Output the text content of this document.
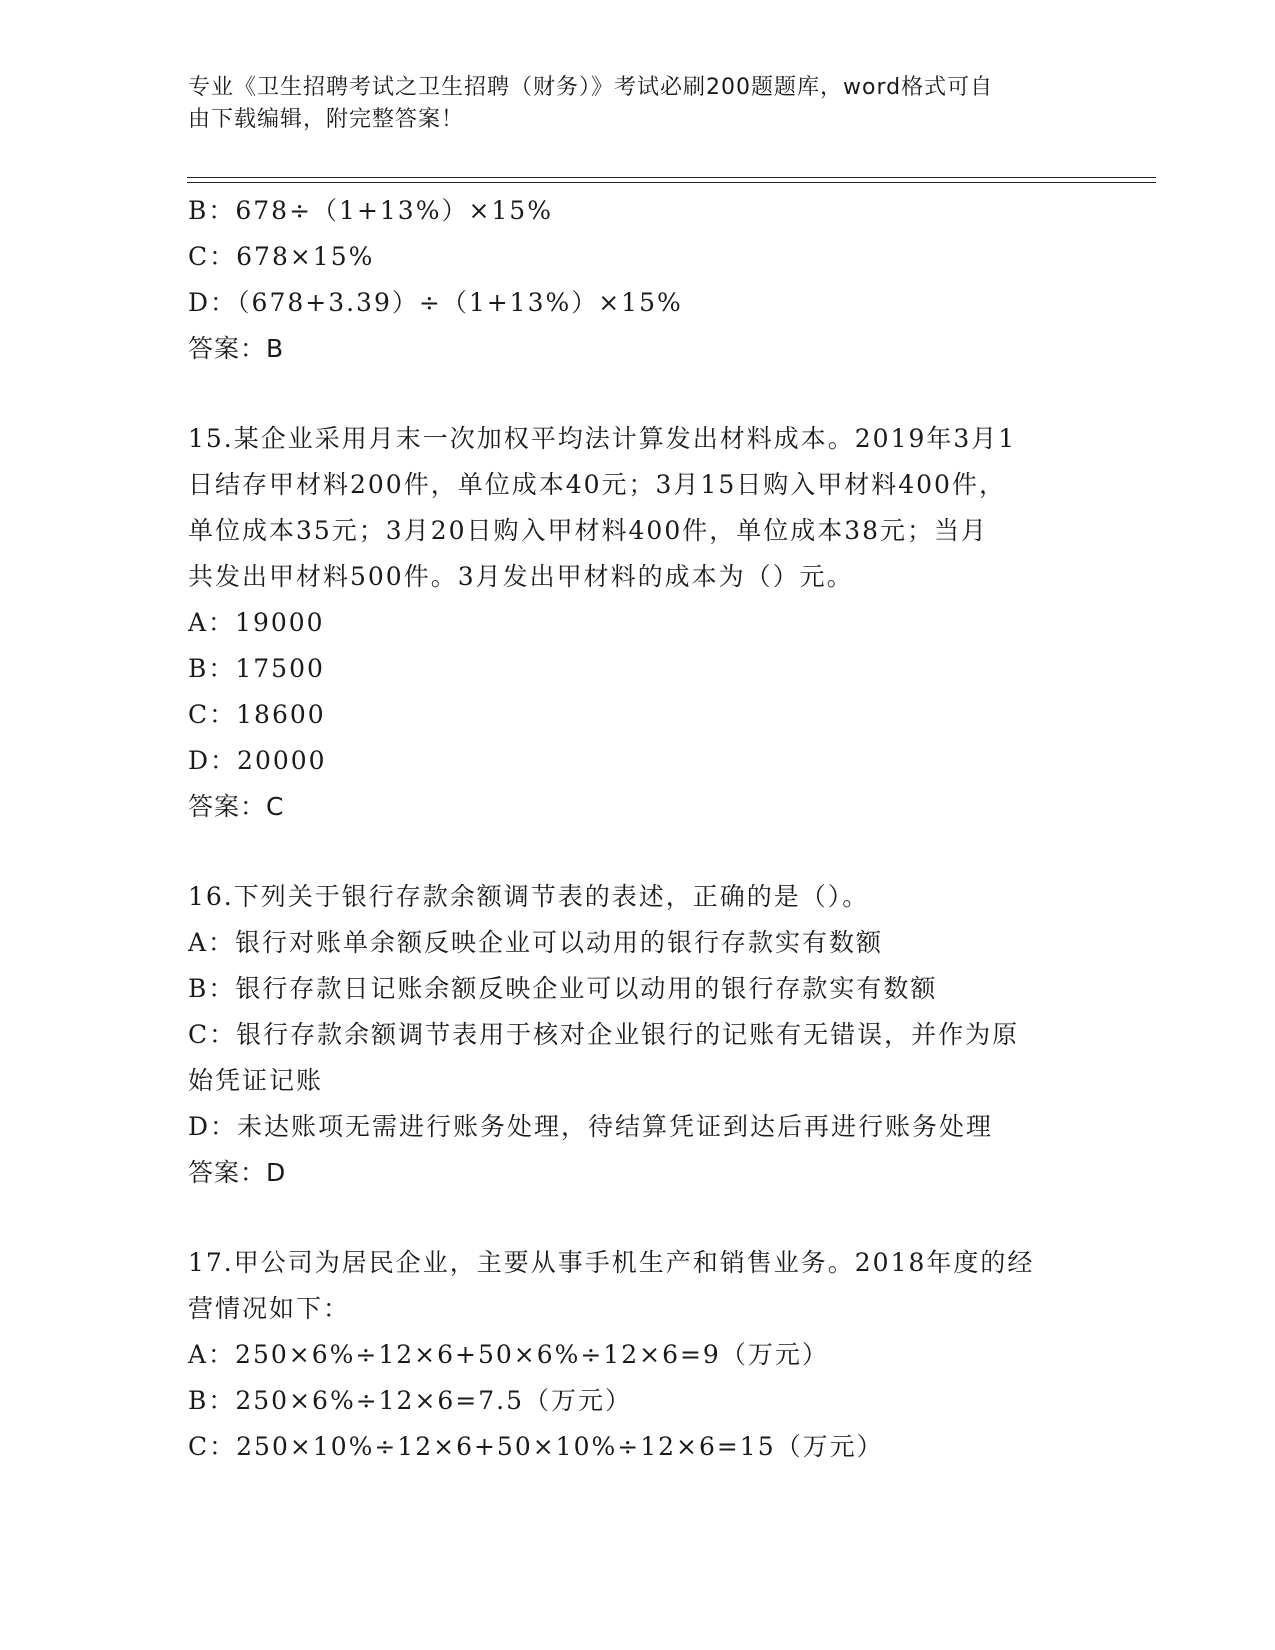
专业《卫生招聘考试之卫生招聘（财务）》考试必刷200题题库，word格式可自
由下载编辑，附完整答案！
B：678÷（1+13%）×15%
C：678×15%
D：（678+3.39）÷（1+13%）×15%
答案：B
15.某企业采用月末一次加权平均法计算发出材料成本。2019年3月1
日结存甲材料200件，单位成本40元；3月15日购入甲材料400件，
单位成本35元；3月20日购入甲材料400件，单位成本38元；当月
共发出甲材料500件。3月发出甲材料的成本为（）元。
A：19000
B：17500
C：18600
D：20000
答案：C
16.下列关于银行存款余额调节表的表述，正确的是（）。
A：银行对账单余额反映企业可以动用的银行存款实有数额
B：银行存款日记账余额反映企业可以动用的银行存款实有数额
C：银行存款余额调节表用于核对企业银行的记账有无错误，并作为原
始凭证记账
D：未达账项无需进行账务处理，待结算凭证到达后再进行账务处理
答案：D
17.甲公司为居民企业，主要从事手机生产和销售业务。2018年度的经
营情况如下：
A：250×6%÷12×6+50×6%÷12×6=9（万元）
B：250×6%÷12×6=7.5（万元）
C：250×10%÷12×6+50×10%÷12×6=15（万元）
